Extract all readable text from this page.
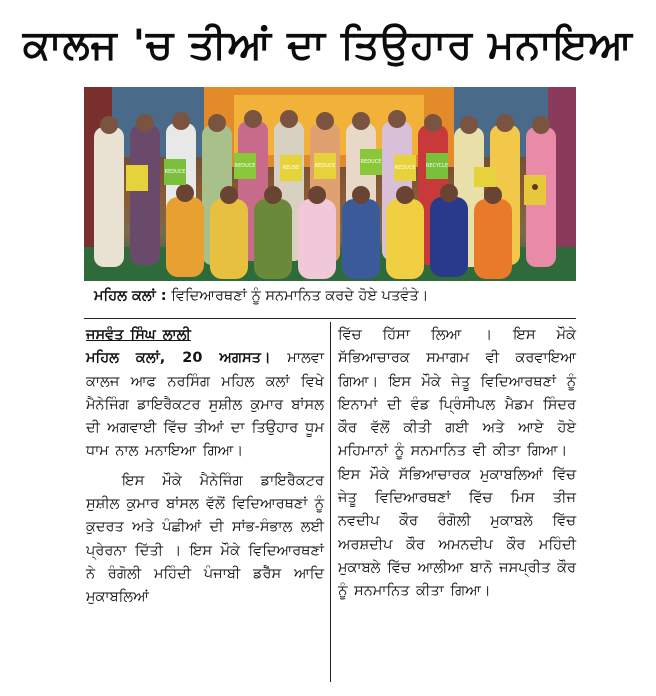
ਕਾਲਜ 'ਚ ਤੀਆਂ ਦਾ ਤਿਉਹਾਰ ਮਨਾਇਆ
REDUCE
REDUCE	REUSE	REDUCE
REDUCE
REDUCE RECYCLE
ਮਹਿਲ ਕਲਾਂ : ਵਿਦਿਆਰਥਣਾਂ ਨੂੰ ਸਨਮਾਨਿਤ ਕਰਦੇ ਹੋਏ ਪਤਵੰਤੇ।

ਜਸਵੰਤ ਸਿੰਘ ਲਾਲੀ

ਮਹਿਲ ਕਲਾਂ, 20 ਅਗਸਤ। ਮਾਲਵਾ ਕਾਲਜ ਆਫ ਨਰਸਿੰਗ ਮਹਿਲ ਕਲਾਂ ਵਿਖੇ ਮੈਨੇਜਿੰਗ ਡਾਇਰੈਕਟਰ ਸੁਸ਼ੀਲ ਕੁਮਾਰ ਬਾਂਸਲ ਦੀ ਅਗਵਾਈ ਵਿੱਚ ਤੀਆਂ ਦਾ ਤਿਉਹਾਰ ਧੂਮ ਧਾਮ ਨਾਲ ਮਨਾਇਆ ਗਿਆ।

ਇਸ ਮੌਕੇ ਮੈਨੇਜਿੰਗ ਡਾਇਰੈਕਟਰ ਸੁਸ਼ੀਲ ਕੁਮਾਰ ਬਾਂਸਲ ਵੱਲੋਂ ਵਿਦਿਆਰਥਣਾਂ ਨੂੰ ਕੁਦਰਤ ਅਤੇ ਪੰਛੀਆਂ ਦੀ ਸਾਂਭ-ਸੰਭਾਲ ਲਈ ਪ੍ਰੇਰਨਾ ਦਿੱਤੀ । ਇਸ ਮੌਕੇ ਵਿਦਿਆਰਥਣਾਂ ਨੇ ਰੰਗੋਲੀ ਮਹਿੰਦੀ ਪੰਜਾਬੀ ਡਰੈੱਸ ਆਦਿ ਮੁਕਾਬਲਿਆਂ

ਵਿੱਚ ਹਿੱਸਾ ਲਿਆ । ਇਸ ਮੌਕੇ ਸੱਭਿਆਚਾਰਕ ਸਮਾਗਮ ਵੀ ਕਰਵਾਇਆ ਗਿਆ। ਇਸ ਮੌਕੇ ਜੇਤੂ ਵਿਦਿਆਰਥਣਾਂ ਨੂੰ ਇਨਾਮਾਂ ਦੀ ਵੰਡ ਪ੍ਰਿੰਸੀਪਲ ਮੈਡਮ ਸਿੰਦਰ ਕੌਰ ਵੱਲੋਂ ਕੀਤੀ ਗਈ ਅਤੇ ਆਏ ਹੋਏ ਮਹਿਮਾਨਾਂ ਨੂੰ ਸਨਮਾਨਿਤ ਵੀ ਕੀਤਾ ਗਿਆ।

ਇਸ ਮੌਕੇ ਸੱਭਿਆਚਾਰਕ ਮੁਕਾਬਲਿਆਂ ਵਿੱਚ ਜੇਤੂ ਵਿਦਿਆਰਥਣਾਂ ਵਿੱਚ ਮਿਸ ਤੀਜ ਨਵਦੀਪ ਕੌਰ ਰੰਗੋਲੀ ਮੁਕਾਬਲੇ ਵਿੱਚ ਅਰਸ਼ਦੀਪ ਕੌਰ ਅਮਨਦੀਪ ਕੌਰ ਮਹਿੰਦੀ ਮੁਕਾਬਲੇ ਵਿੱਚ ਆਲੀਆ ਬਾਨੋ ਜਸਪ੍ਰੀਤ ਕੌਰ ਨੂੰ ਸਨਮਾਨਿਤ ਕੀਤਾ ਗਿਆ।
